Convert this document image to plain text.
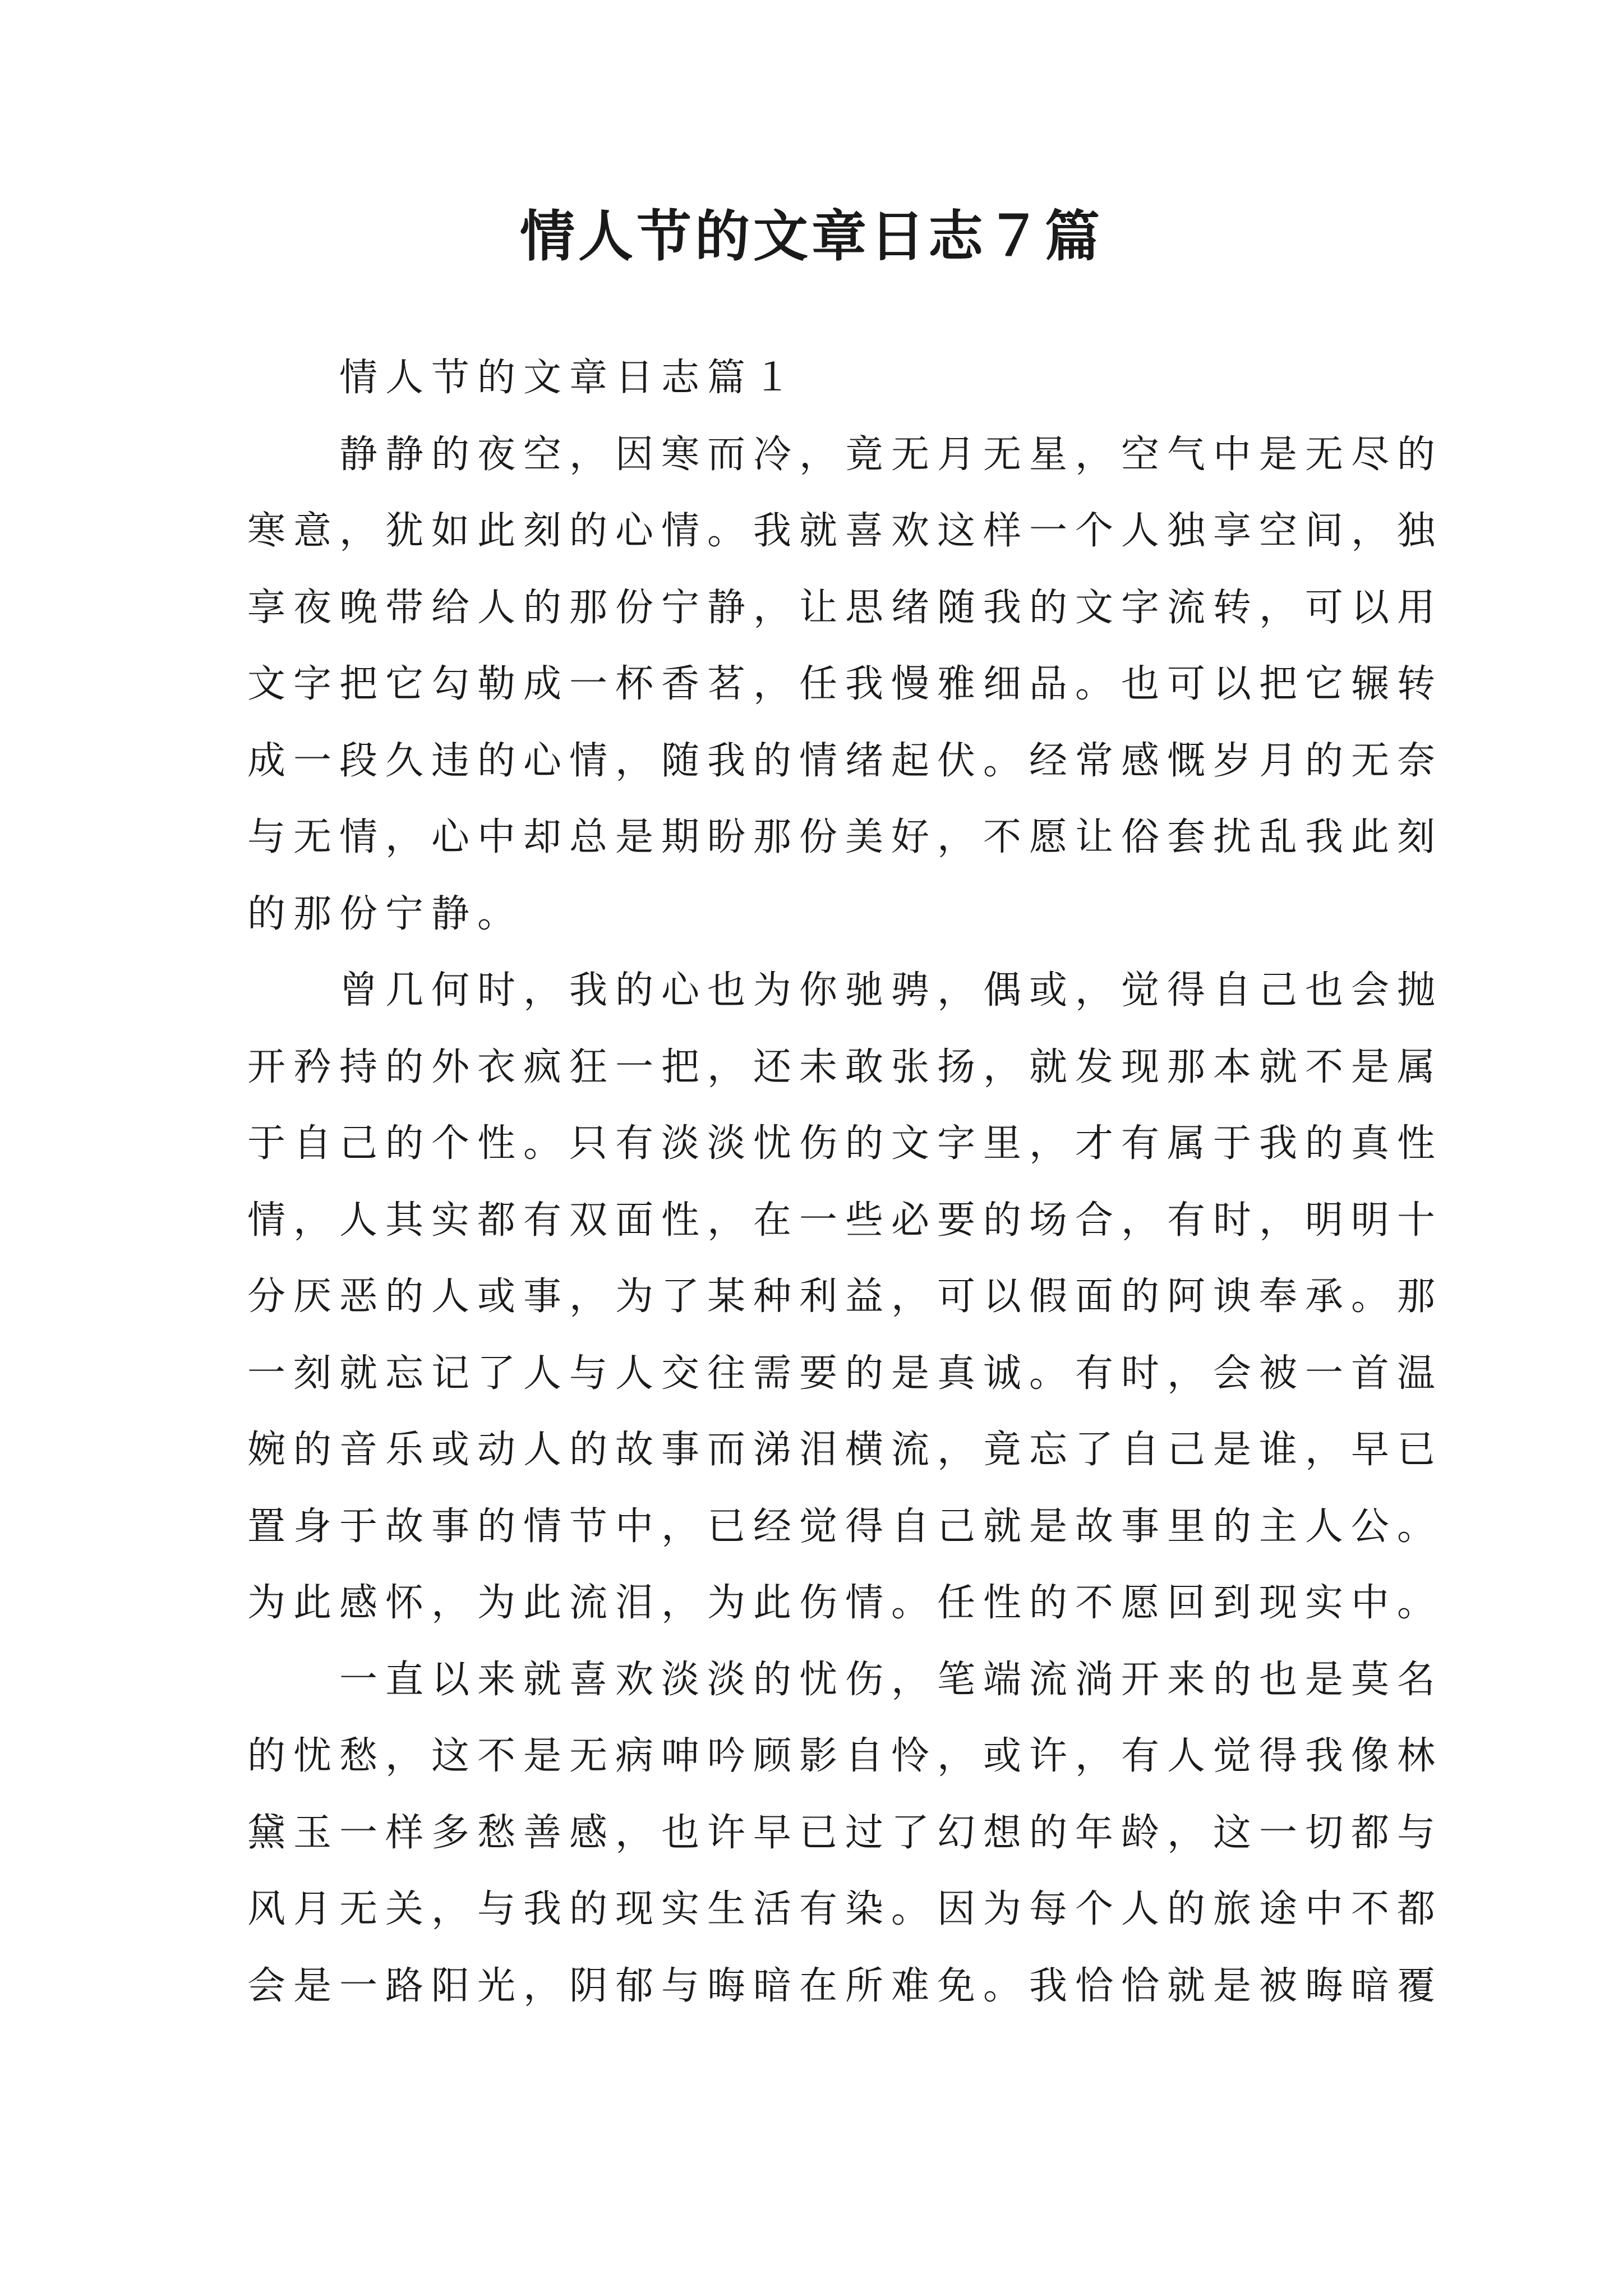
情人节的文章日志７篇
情人节的文章日志篇１
静静的夜空，因寒而冷，竟无月无星，空气中是无尽的
寒意，犹如此刻的心情。我就喜欢这样一个人独享空间，独
享夜晚带给人的那份宁静，让思绪随我的文字流转，可以用
文字把它勾勒成一杯香茗，任我慢雅细品。也可以把它辗转
成一段久违的心情，随我的情绪起伏。经常感慨岁月的无奈
与无情，心中却总是期盼那份美好，不愿让俗套扰乱我此刻
的那份宁静。
曾几何时，我的心也为你驰骋，偶或，觉得自己也会抛
开矜持的外衣疯狂一把，还未敢张扬，就发现那本就不是属
于自己的个性。只有淡淡忧伤的文字里，才有属于我的真性
情，人其实都有双面性，在一些必要的场合，有时，明明十
分厌恶的人或事，为了某种利益，可以假面的阿谀奉承。那
一刻就忘记了人与人交往需要的是真诚。有时，会被一首温
婉的音乐或动人的故事而涕泪横流，竟忘了自己是谁，早已
置身于故事的情节中，已经觉得自己就是故事里的主人公。
为此感怀，为此流泪，为此伤情。任性的不愿回到现实中。
一直以来就喜欢淡淡的忧伤，笔端流淌开来的也是莫名
的忧愁，这不是无病呻吟顾影自怜，或许，有人觉得我像林
黛玉一样多愁善感，也许早已过了幻想的年龄，这一切都与
风月无关，与我的现实生活有染。因为每个人的旅途中不都
会是一路阳光，阴郁与晦暗在所难免。我恰恰就是被晦暗覆
